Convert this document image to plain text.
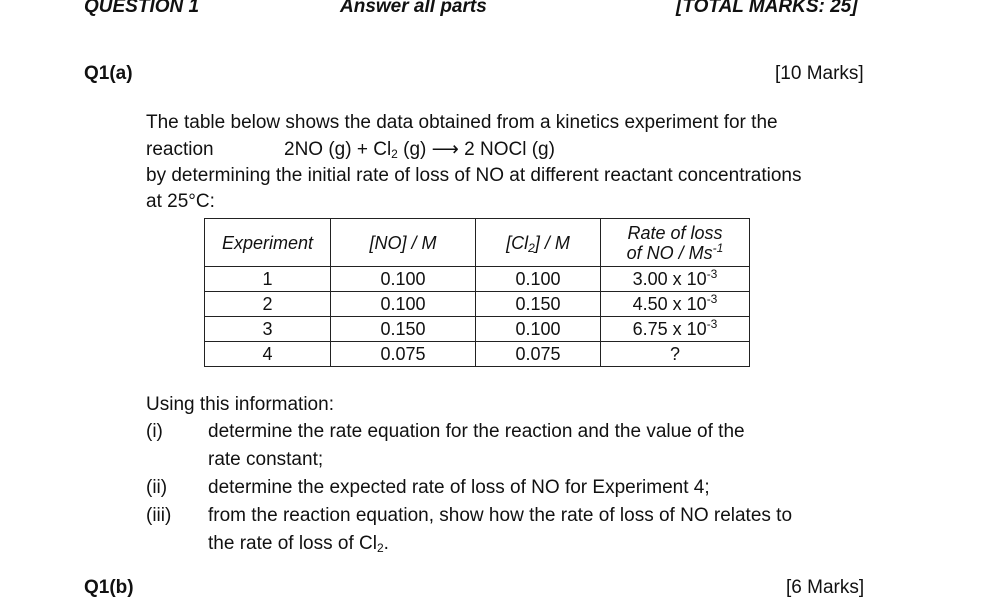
QUESTION 1	Answer all parts	[TOTAL MARKS: 25]
Q1(a)	[10 Marks]
The table below shows the data obtained from a kinetics experiment for the
reaction	2NO $(g) + Cl_2$ (g) ⟶ 2 NOCl (g)
by determining the initial rate of loss of NO at different reactant concentrations
at 25°C:
Experiment	[NO] / M	$[Cl_2]$ / M	Rate of loss
of NO / $Ms^{-1}$
1	0.100	0.100	3.00 x $10^{-3}$
2	0.100	0.150	4.50 x $10^{-3}$
3	0.150	0.100	6.75 x $10^{-3}$
4	0.075	0.075	?
Using this information:
(i) determine the rate equation for the reaction and the value of the
rate constant;
(ii) determine the expected rate of loss of NO for Experiment 4;
(iii) from the reaction equation, show how the rate of loss of NO relates to
the rate of loss of $Cl_2$.
Q1(b)	[6 Marks]
